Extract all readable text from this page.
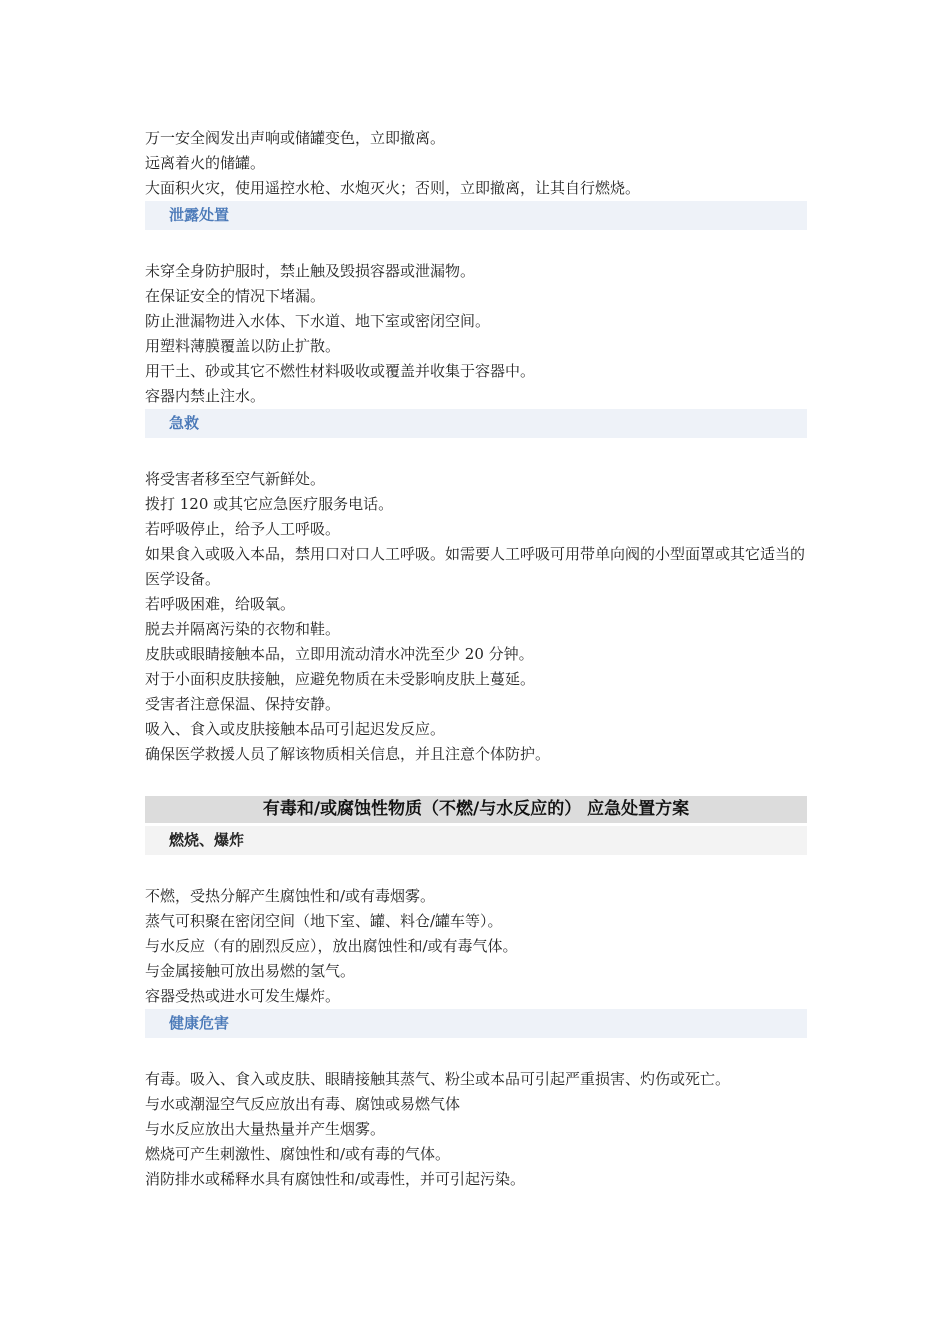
万一安全阀发出声响或储罐变色，立即撤离。

远离着火的储罐。

大面积火灾，使用遥控水枪、水炮灭火；否则，立即撤离，让其自行燃烧。

泄露处置

未穿全身防护服时，禁止触及毁损容器或泄漏物。

在保证安全的情况下堵漏。

防止泄漏物进入水体、下水道、地下室或密闭空间。

用塑料薄膜覆盖以防止扩散。

用干土、砂或其它不燃性材料吸收或覆盖并收集于容器中。

容器内禁止注水。

急救

将受害者移至空气新鲜处。

拨打 120 或其它应急医疗服务电话。

若呼吸停止，给予人工呼吸。

如果食入或吸入本品，禁用口对口人工呼吸。如需要人工呼吸可用带单向阀的小型面罩或其它适当的医学设备。

若呼吸困难，给吸氧。

脱去并隔离污染的衣物和鞋。

皮肤或眼睛接触本品，立即用流动清水冲洗至少 20 分钟。

对于小面积皮肤接触，应避免物质在未受影响皮肤上蔓延。

受害者注意保温、保持安静。

吸入、食入或皮肤接触本品可引起迟发反应。

确保医学救援人员了解该物质相关信息，并且注意个体防护。

有毒和/或腐蚀性物质（不燃/与水反应的） 应急处置方案
燃烧、爆炸

不燃，受热分解产生腐蚀性和/或有毒烟雾。

蒸气可积聚在密闭空间（地下室、罐、料仓/罐车等）。

与水反应（有的剧烈反应），放出腐蚀性和/或有毒气体。

与金属接触可放出易燃的氢气。

容器受热或进水可发生爆炸。

健康危害

有毒。吸入、食入或皮肤、眼睛接触其蒸气、粉尘或本品可引起严重损害、灼伤或死亡。

与水或潮湿空气反应放出有毒、腐蚀或易燃气体

与水反应放出大量热量并产生烟雾。

燃烧可产生刺激性、腐蚀性和/或有毒的气体。

消防排水或稀释水具有腐蚀性和/或毒性，并可引起污染。
